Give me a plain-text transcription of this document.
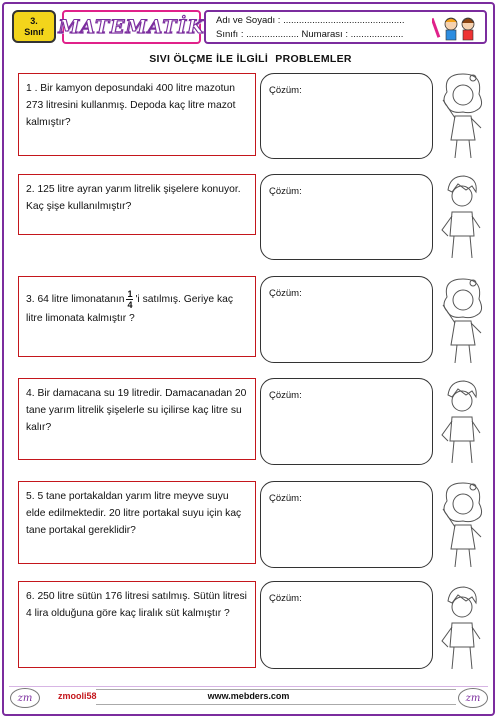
3.
Sınıf MATEMATİK Adı ve Soyadı : ..............................................
Sınıfı : .................... Numarası : ....................
SIVI ÖLÇME İLE İLGİLİ PROBLEMLER
1 . Bir kamyon deposundaki 400 litre mazotun 273 litresini kullanmış. Depoda kaç litre mazot kalmıştır?
Çözüm:
2. 125 litre ayran yarım litrelik şişelere konuyor. Kaç şişe kullanılmıştır?
Çözüm:
3. 64 litre limonatanın $\frac{1}{4}$ 'i satılmış. Geriye kaç litre limonata kalmıştır ?
Çözüm:
4. Bir damacana su 19 litredir. Damacanadan 20 tane yarım litrelik şişelerle su içilirse kaç litre su kalır?
Çözüm:
5. 5 tane portakaldan yarım litre meyve suyu elde edilmektedir. 20 litre portakal suyu için kaç tane portakal gereklidir?
Çözüm:
6. 250 litre sütün 176 litresi satılmış. Sütün litresi 4 lira olduğuna göre kaç liralık süt kalmıştır ?
Çözüm:
zm	zmooli58	www.mebders.com	zm
